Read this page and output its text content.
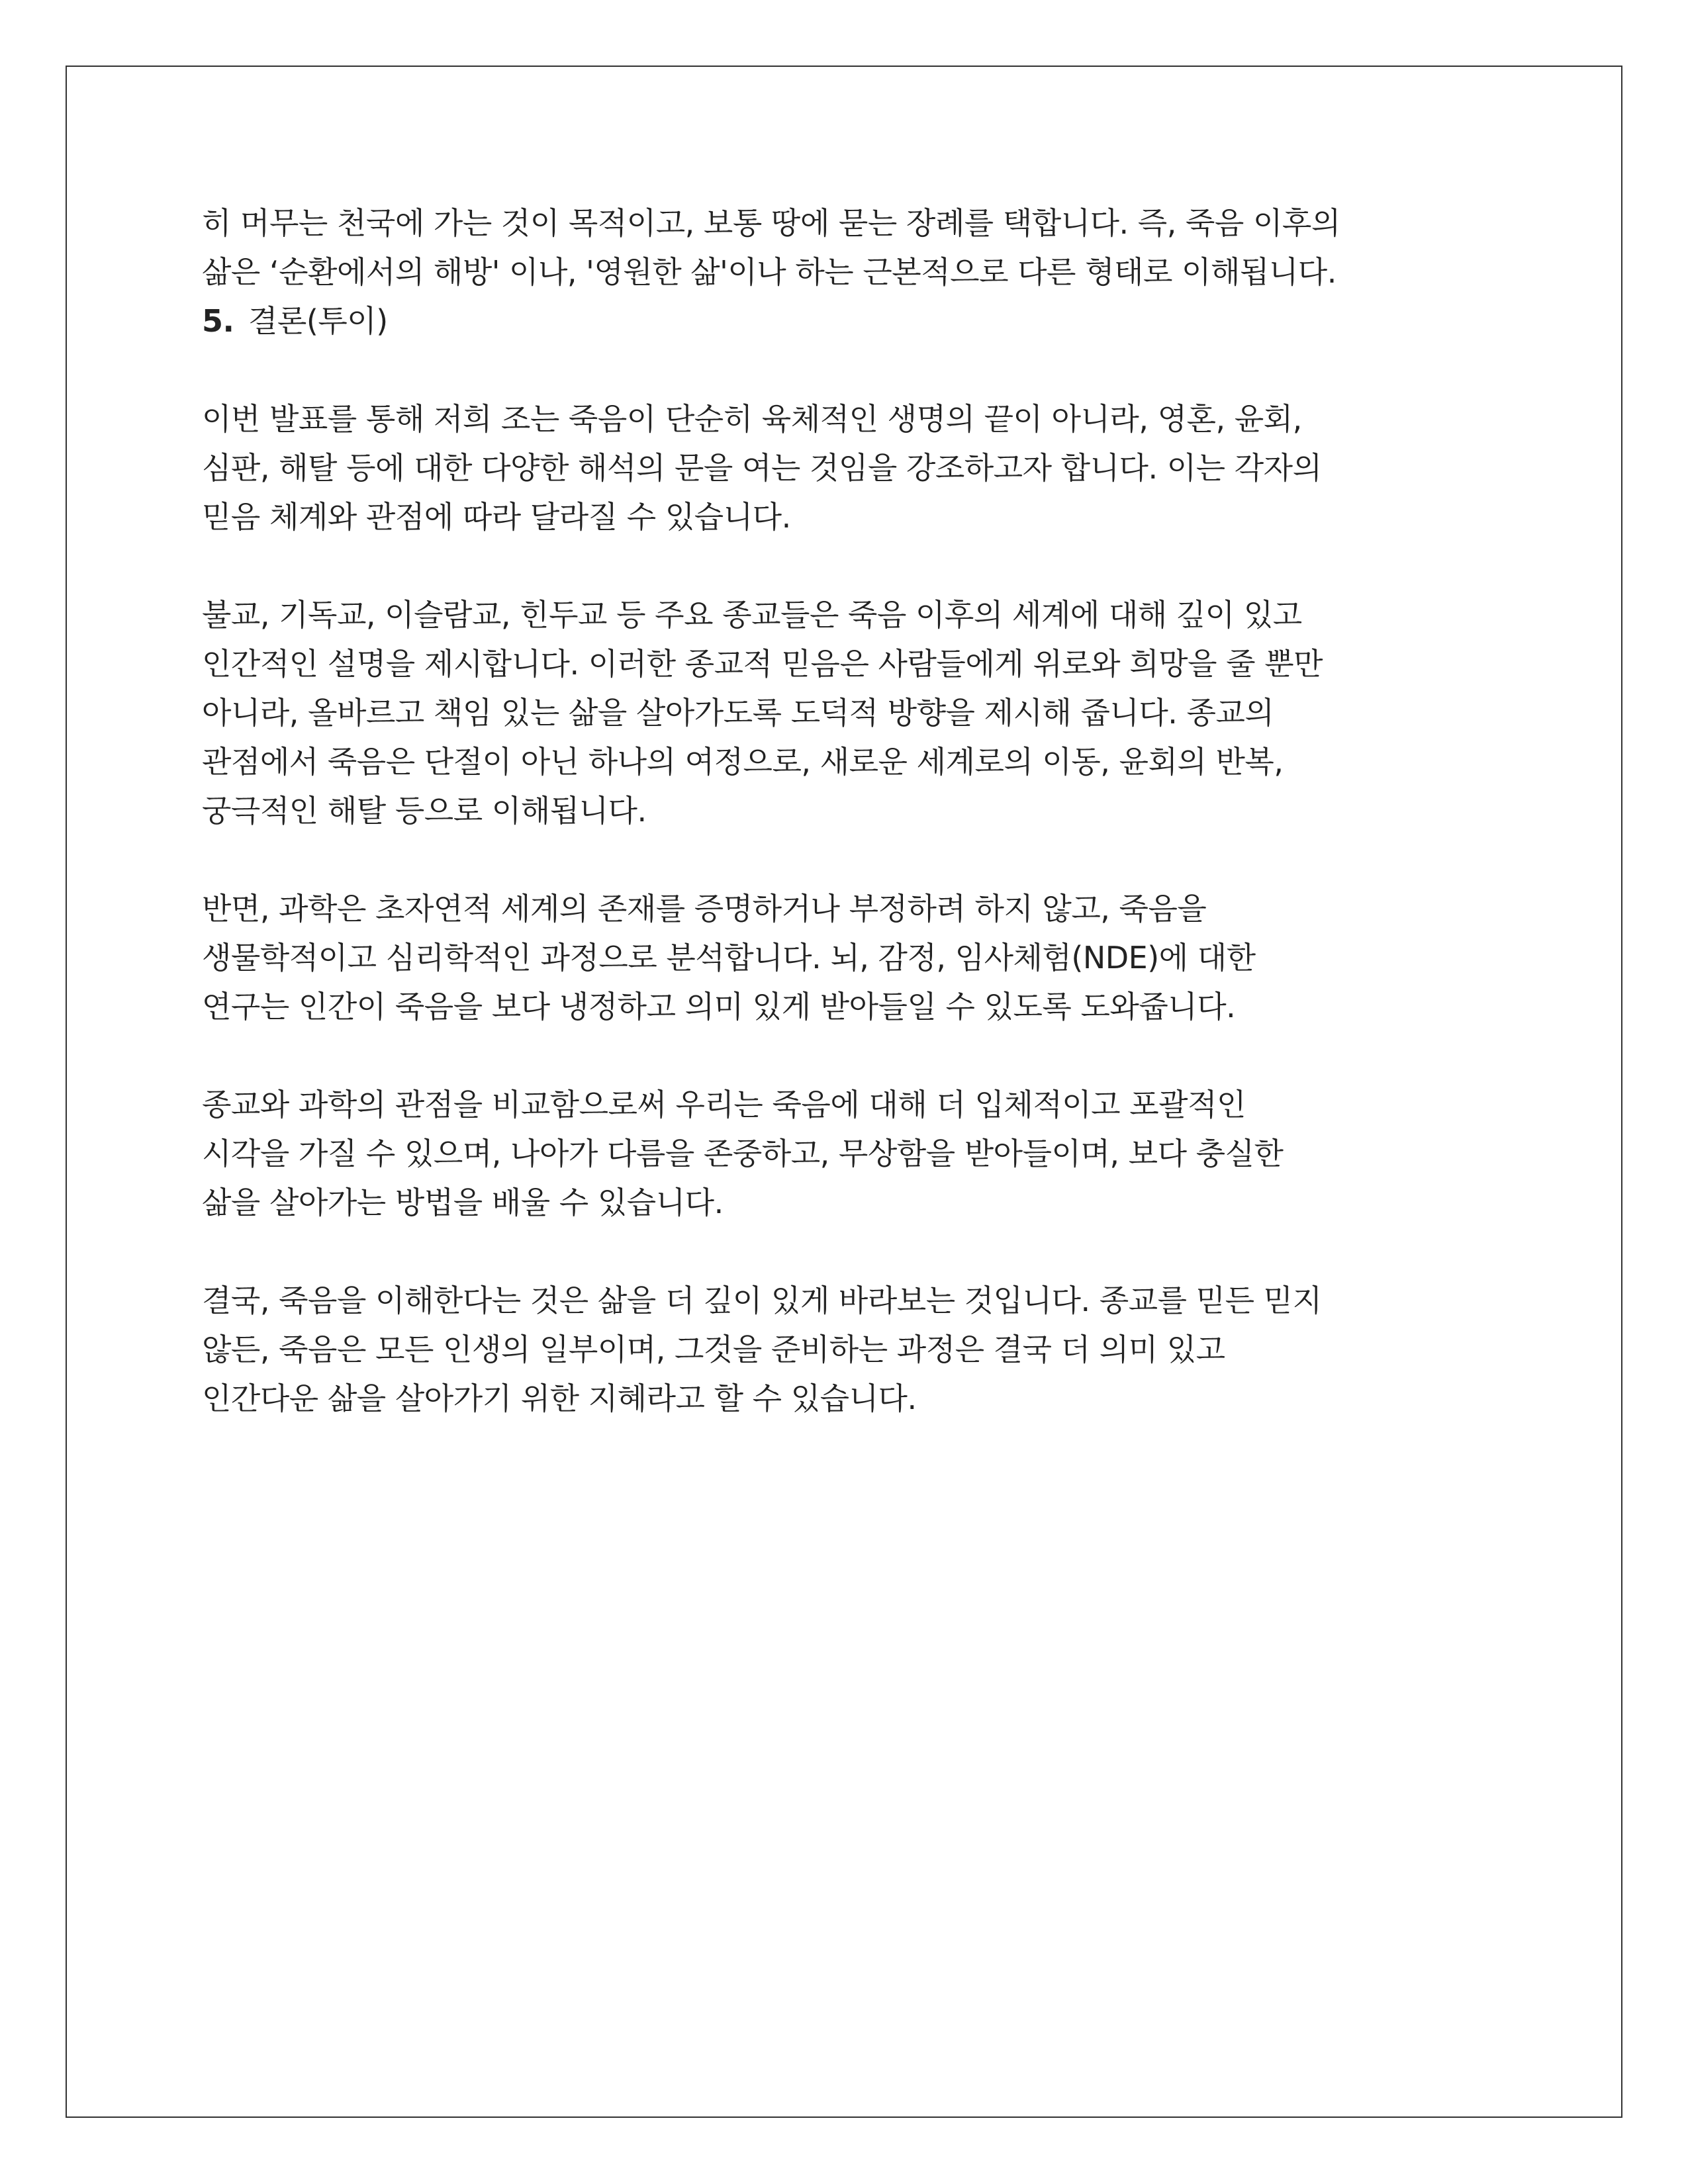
히 머무는 천국에 가는 것이 목적이고, 보통 땅에 묻는 장례를 택합니다. 즉, 죽음 이후의
삶은 ‘순환에서의 해방' 이나, '영원한 삶'이나 하는 근본적으로 다른 형태로 이해됩니다.
5. 결론(투이)
이번 발표를 통해 저희 조는 죽음이 단순히 육체적인 생명의 끝이 아니라, 영혼, 윤회,
심판, 해탈 등에 대한 다양한 해석의 문을 여는 것임을 강조하고자 합니다. 이는 각자의
믿음 체계와 관점에 따라 달라질 수 있습니다.
불교, 기독교, 이슬람교, 힌두교 등 주요 종교들은 죽음 이후의 세계에 대해 깊이 있고
인간적인 설명을 제시합니다. 이러한 종교적 믿음은 사람들에게 위로와 희망을 줄 뿐만
아니라, 올바르고 책임 있는 삶을 살아가도록 도덕적 방향을 제시해 줍니다. 종교의
관점에서 죽음은 단절이 아닌 하나의 여정으로, 새로운 세계로의 이동, 윤회의 반복,
궁극적인 해탈 등으로 이해됩니다.
반면, 과학은 초자연적 세계의 존재를 증명하거나 부정하려 하지 않고, 죽음을
생물학적이고 심리학적인 과정으로 분석합니다. 뇌, 감정, 임사체험(NDE)에 대한
연구는 인간이 죽음을 보다 냉정하고 의미 있게 받아들일 수 있도록 도와줍니다.
종교와 과학의 관점을 비교함으로써 우리는 죽음에 대해 더 입체적이고 포괄적인
시각을 가질 수 있으며, 나아가 다름을 존중하고, 무상함을 받아들이며, 보다 충실한
삶을 살아가는 방법을 배울 수 있습니다.
결국, 죽음을 이해한다는 것은 삶을 더 깊이 있게 바라보는 것입니다. 종교를 믿든 믿지
않든, 죽음은 모든 인생의 일부이며, 그것을 준비하는 과정은 결국 더 의미 있고
인간다운 삶을 살아가기 위한 지혜라고 할 수 있습니다.
